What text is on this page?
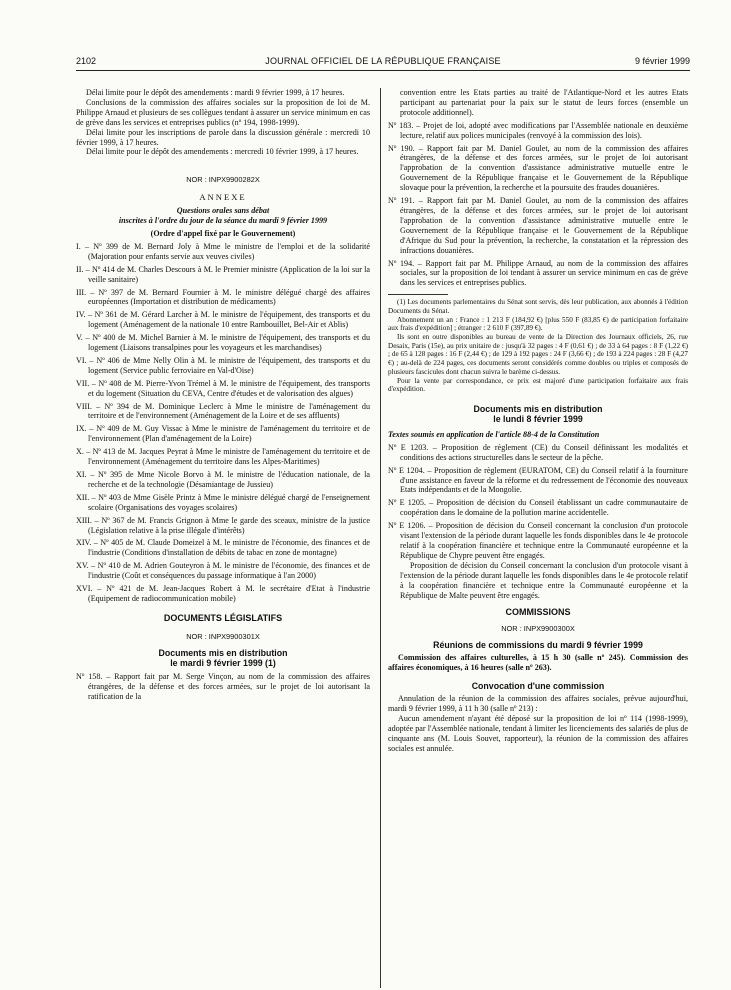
2102	JOURNAL OFFICIEL DE LA RÉPUBLIQUE FRANÇAISE	9 février 1999

Délai limite pour le dépôt des amendements : mardi 9 février 1999, à 17 heures.

Conclusions de la commission des affaires sociales sur la proposition de loi de M. Philippe Arnaud et plusieurs de ses collègues tendant à assurer un service minimum en cas de grève dans les services et entreprises publics (nº 194, 1998-1999).

Délai limite pour les inscriptions de parole dans la discussion générale : mercredi 10 février 1999, à 17 heures.

Délai limite pour le dépôt des amendements : mercredi 10 février 1999, à 17 heures.

NOR : INPX9900282X

ANNEXE

Questions orales sans débat

inscrites à l'ordre du jour de la séance du mardi 9 février 1999

(Ordre d'appel fixé par le Gouvernement)

I. – Nº 399 de M. Bernard Joly à Mme le ministre de l'emploi et de la solidarité (Majoration pour enfants servie aux veuves civiles)

II. – Nº 414 de M. Charles Descours à M. le Premier ministre (Application de la loi sur la veille sanitaire)

III. – Nº 397 de M. Bernard Fournier à M. le ministre délégué chargé des affaires européennes (Importation et distribution de médicaments)

IV. – Nº 361 de M. Gérard Larcher à M. le ministre de l'équipement, des transports et du logement (Aménagement de la nationale 10 entre Rambouillet, Bel-Air et Ablis)

V. – Nº 400 de M. Michel Barnier à M. le ministre de l'équipement, des transports et du logement (Liaisons transalpines pour les voyageurs et les marchandises)

VI. – Nº 406 de Mme Nelly Olin à M. le ministre de l'équipement, des transports et du logement (Service public ferroviaire en Val-d'Oise)

VII. – Nº 408 de M. Pierre-Yvon Trémel à M. le ministre de l'équipement, des transports et du logement (Situation du CEVA, Centre d'études et de valorisation des algues)

VIII. – Nº 394 de M. Dominique Leclerc à Mme le ministre de l'aménagement du territoire et de l'environnement (Aménagement de la Loire et de ses affluents)

IX. – Nº 409 de M. Guy Vissac à Mme le ministre de l'aménagement du territoire et de l'environnement (Plan d'aménagement de la Loire)

X. – Nº 413 de M. Jacques Peyrat à Mme le ministre de l'aménagement du territoire et de l'environnement (Aménagement du territoire dans les Alpes-Maritimes)

XI. – Nº 395 de Mme Nicole Borvo à M. le ministre de l'éducation nationale, de la recherche et de la technologie (Désamiantage de Jussieu)

XII. – Nº 403 de Mme Gisèle Printz à Mme le ministre délégué chargé de l'enseignement scolaire (Organisations des voyages scolaires)

XIII. – Nº 367 de M. Francis Grignon à Mme le garde des sceaux, ministre de la justice (Législation relative à la prise illégale d'intérêts)

XIV. – Nº 405 de M. Claude Domeizel à M. le ministre de l'économie, des finances et de l'industrie (Conditions d'installation de débits de tabac en zone de montagne)

XV. – Nº 410 de M. Adrien Gouteyron à M. le ministre de l'économie, des finances et de l'industrie (Coût et conséquences du passage informatique à l'an 2000)

XVI. – Nº 421 de M. Jean-Jacques Robert à M. le secrétaire d'Etat à l'industrie (Equipement de radiocommunication mobile)

DOCUMENTS LÉGISLATIFS

NOR : INPX9900301X

Documents mis en distribution

le mardi 9 février 1999 (1)

Nº 158. – Rapport fait par M. Serge Vinçon, au nom de la commission des affaires étrangères, de la défense et des forces armées, sur le projet de loi autorisant la ratification de la

convention entre les Etats parties au traité de l'Atlantique-Nord et les autres Etats participant au partenariat pour la paix sur le statut de leurs forces (ensemble un protocole additionnel).

Nº 183. – Projet de loi, adopté avec modifications par l'Assemblée nationale en deuxième lecture, relatif aux polices municipales (renvoyé à la commission des lois).

Nº 190. – Rapport fait par M. Daniel Goulet, au nom de la commission des affaires étrangères, de la défense et des forces armées, sur le projet de loi autorisant l'approbation de la convention d'assistance administrative mutuelle entre le Gouvernement de la République française et le Gouvernement de la République slovaque pour la prévention, la recherche et la poursuite des fraudes douanières.

Nº 191. – Rapport fait par M. Daniel Goulet, au nom de la commission des affaires étrangères, de la défense et des forces armées, sur le projet de loi autorisant l'approbation de la convention d'assistance administrative mutuelle entre le Gouvernement de la République française et le Gouvernement de la République d'Afrique du Sud pour la prévention, la recherche, la constatation et la répression des infractions douanières.

Nº 194. – Rapport fait par M. Philippe Arnaud, au nom de la commission des affaires sociales, sur la proposition de loi tendant à assurer un service minimum en cas de grève dans les services et entreprises publics.

(1) Les documents parlementaires du Sénat sont servis, dès leur publication, aux abonnés à l'édition Documents du Sénat.

Abonnement un an : France : 1 213 F (184,92 €) [plus 550 F (83,85 €) de participation forfaitaire aux frais d'expédition] ; étranger : 2 610 F (397,89 €).

Ils sont en outre disponibles au bureau de vente de la Direction des Journaux officiels, 26, rue Desaix, Paris (15e), au prix unitaire de : jusqu'à 32 pages : 4 F (0,61 €) ; de 33 à 64 pages : 8 F (1,22 €) ; de 65 à 128 pages : 16 F (2,44 €) ; de 129 à 192 pages : 24 F (3,66 €) ; de 193 à 224 pages : 28 F (4,27 €) ; au-delà de 224 pages, ces documents seront considérés comme doubles ou triples et composés de plusieurs fascicules dont chacun suivra le barème ci-dessus.

Pour la vente par correspondance, ce prix est majoré d'une participation forfaitaire aux frais d'expédition.

Documents mis en distribution

le lundi 8 février 1999

Textes soumis en application de l'article 88-4 de la Constitution

Nº E 1203. – Proposition de règlement (CE) du Conseil définissant les modalités et conditions des actions structurelles dans le secteur de la pêche.

Nº E 1204. – Proposition de règlement (EURATOM, CE) du Conseil relatif à la fourniture d'une assistance en faveur de la réforme et du redressement de l'économie des nouveaux Etats indépendants et de la Mongolie.

Nº E 1205. – Proposition de décision du Conseil établissant un cadre communautaire de coopération dans le domaine de la pollution marine accidentelle.

Nº E 1206. – Proposition de décision du Conseil concernant la conclusion d'un protocole visant l'extension de la période durant laquelle les fonds disponibles dans le 4e protocole relatif à la coopération financière et technique entre la Communauté européenne et la République de Chypre peuvent être engagés.

Proposition de décision du Conseil concernant la conclusion d'un protocole visant à l'extension de la période durant laquelle les fonds disponibles dans le 4e protocole relatif à la coopération financière et technique entre la Communauté européenne et la République de Malte peuvent être engagés.

COMMISSIONS

NOR : INPX9900300X

Réunions de commissions du mardi 9 février 1999

Commission des affaires culturelles, à 15 h 30 (salle nº 245). Commission des affaires économiques, à 16 heures (salle nº 263).

Convocation d'une commission

Annulation de la réunion de la commission des affaires sociales, prévue aujourd'hui, mardi 9 février 1999, à 11 h 30 (salle nº 213) :

Aucun amendement n'ayant été déposé sur la proposition de loi nº 114 (1998-1999), adoptée par l'Assemblée nationale, tendant à limiter les licenciements des salariés de plus de cinquante ans (M. Louis Souvet, rapporteur), la réunion de la commission des affaires sociales est annulée.
